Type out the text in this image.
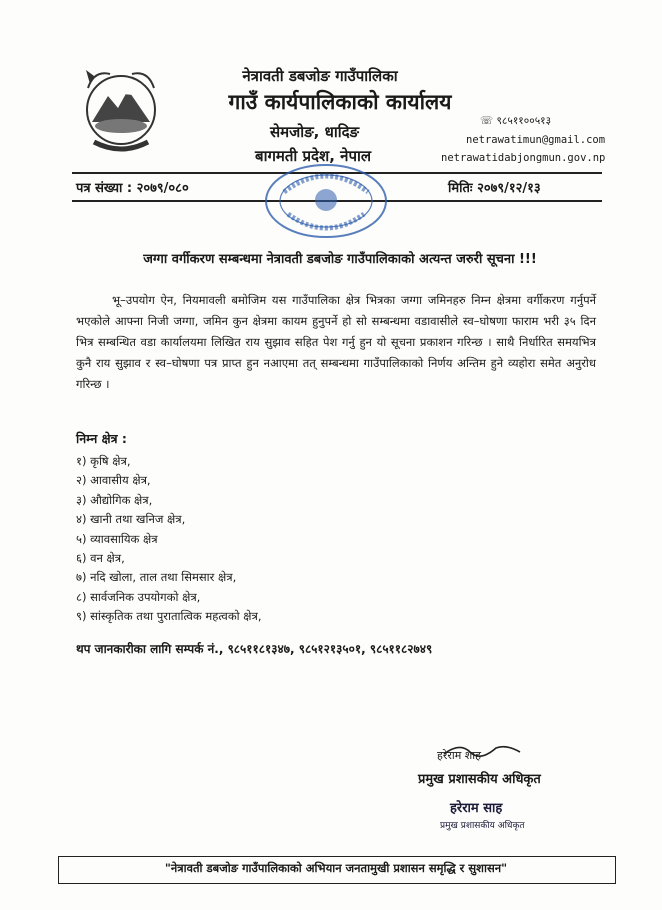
नेत्रावती डबजोङ गाउँपालिका
गाउँ कार्यपालिकाको कार्यालय
सेमजोङ, धादिङ
बागमती प्रदेश, नेपाल
☏ ९८५११००५१३
netrawatimun@gmail.com
netrawatidabjongmun.gov.np
पत्र संख्या : २०७९/०८०	मितिः २०७९/१२/१३
जग्गा वर्गीकरण सम्बन्धमा नेत्रावती डबजोङ गाउँपालिकाको अत्यन्त जरुरी सूचना !!!
भू–उपयोग ऐन, नियमावली बमोजिम यस गाउँपालिका क्षेत्र भित्रका जग्गा जमिनहरु निम्न क्षेत्रमा वर्गीकरण गर्नुपर्ने भएकोले आफ्ना निजी जग्गा, जमिन कुन क्षेत्रमा कायम हुनुपर्ने हो सो सम्बन्धमा वडावासीले स्व–घोषणा फाराम भरी ३५ दिन भित्र सम्बन्धित वडा कार्यालयमा लिखित राय सुझाव सहित पेश गर्नु हुन यो सूचना प्रकाशन गरिन्छ । साथै निर्धारित समयभित्र कुनै राय सुझाव र स्व–घोषणा पत्र प्राप्त हुन नआएमा तत् सम्बन्धमा गाउँपालिकाको निर्णय अन्तिम हुने व्यहोरा समेत अनुरोध गरिन्छ ।
निम्न क्षेत्र :
१) कृषि क्षेत्र,
२) आवासीय क्षेत्र,
३) औद्योगिक क्षेत्र,
४) खानी तथा खनिज क्षेत्र,
५) व्यावसायिक क्षेत्र
६) वन क्षेत्र,
७) नदि खोला, ताल तथा सिमसार क्षेत्र,
८) सार्वजनिक उपयोगको क्षेत्र,
९) सांस्कृतिक तथा पुरातात्विक महत्वको क्षेत्र,
थप जानकारीका लागि सम्पर्क नं., ९८५११८१३४७, ९८५१२१३५०१, ९८५११८२७४९
हरेराम शाह
प्रमुख प्रशासकीय अधिकृत
हरेराम साह
प्रमुख प्रशासकीय अधिकृत
"नेत्रावती डबजोङ गाउँपालिकाको अभियान जनतामुखी प्रशासन समृद्धि र सुशासन"
